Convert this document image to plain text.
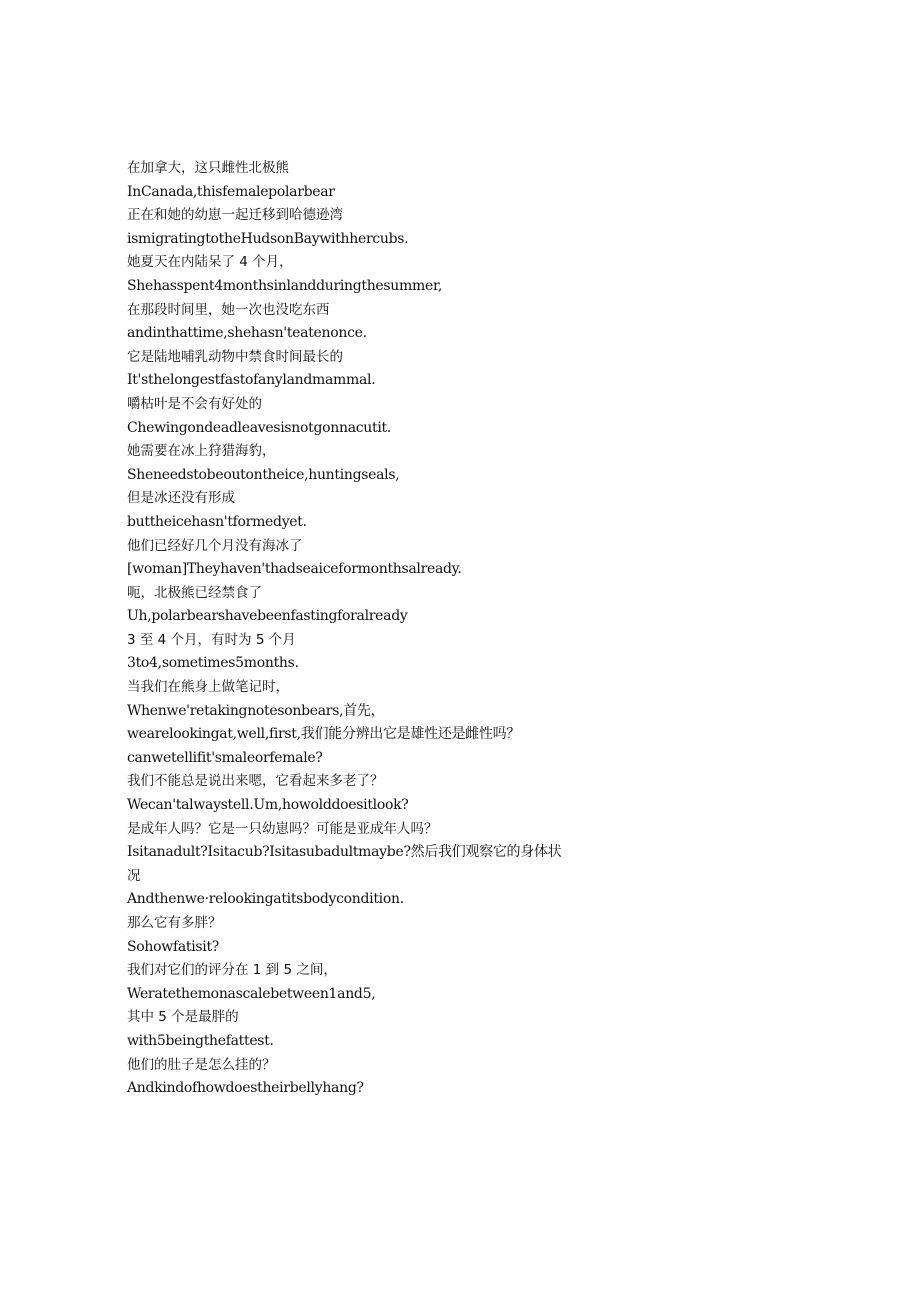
在加拿大，这只雌性北极熊
InCanada,thisfemalepolarbear
正在和她的幼崽一起迁移到哈德逊湾
ismigratingtotheHudsonBaywithhercubs.
她夏天在内陆呆了 4 个月，
Shehasspent4monthsinlandduringthesummer,
在那段时间里，她一次也没吃东西
andinthattime,shehasn'teatenonce.
它是陆地哺乳动物中禁食时间最长的
It'sthelongestfastofanylandmammal.
嚼枯叶是不会有好处的
Chewingondeadleavesisnotgonnacutit.
她需要在冰上狩猎海豹，
Sheneedstobeoutontheice,huntingseals,
但是冰还没有形成
buttheicehasn'tformedyet.
他们已经好几个月没有海冰了
[woman]Theyhaven'thadseaiceformonthsalready.
呃，北极熊已经禁食了
Uh,polarbearshavebeenfastingforalready
3 至 4 个月，有时为 5 个月
3to4,sometimes5months.
当我们在熊身上做笔记时，
Whenwe'retakingnotesonbears,首先，
wearelookingat,well,first,我们能分辨出它是雄性还是雌性吗？
canwetellifit'smaleorfemale?
我们不能总是说出来嗯，它看起来多老了？
Wecan'talwaystell.Um,howolddoesitlook?
是成年人吗？它是一只幼崽吗？可能是亚成年人吗？
Isitanadult?Isitacub?Isitasubadultmaybe?然后我们观察它的身体状
况
Andthenwe·relookingatitsbodycondition.
那么它有多胖？
Sohowfatisit?
我们对它们的评分在 1 到 5 之间，
Weratethemonascalebetween1and5,
其中 5 个是最胖的
with5beingthefattest.
他们的肚子是怎么挂的？
Andkindofhowdoestheirbellyhang?
